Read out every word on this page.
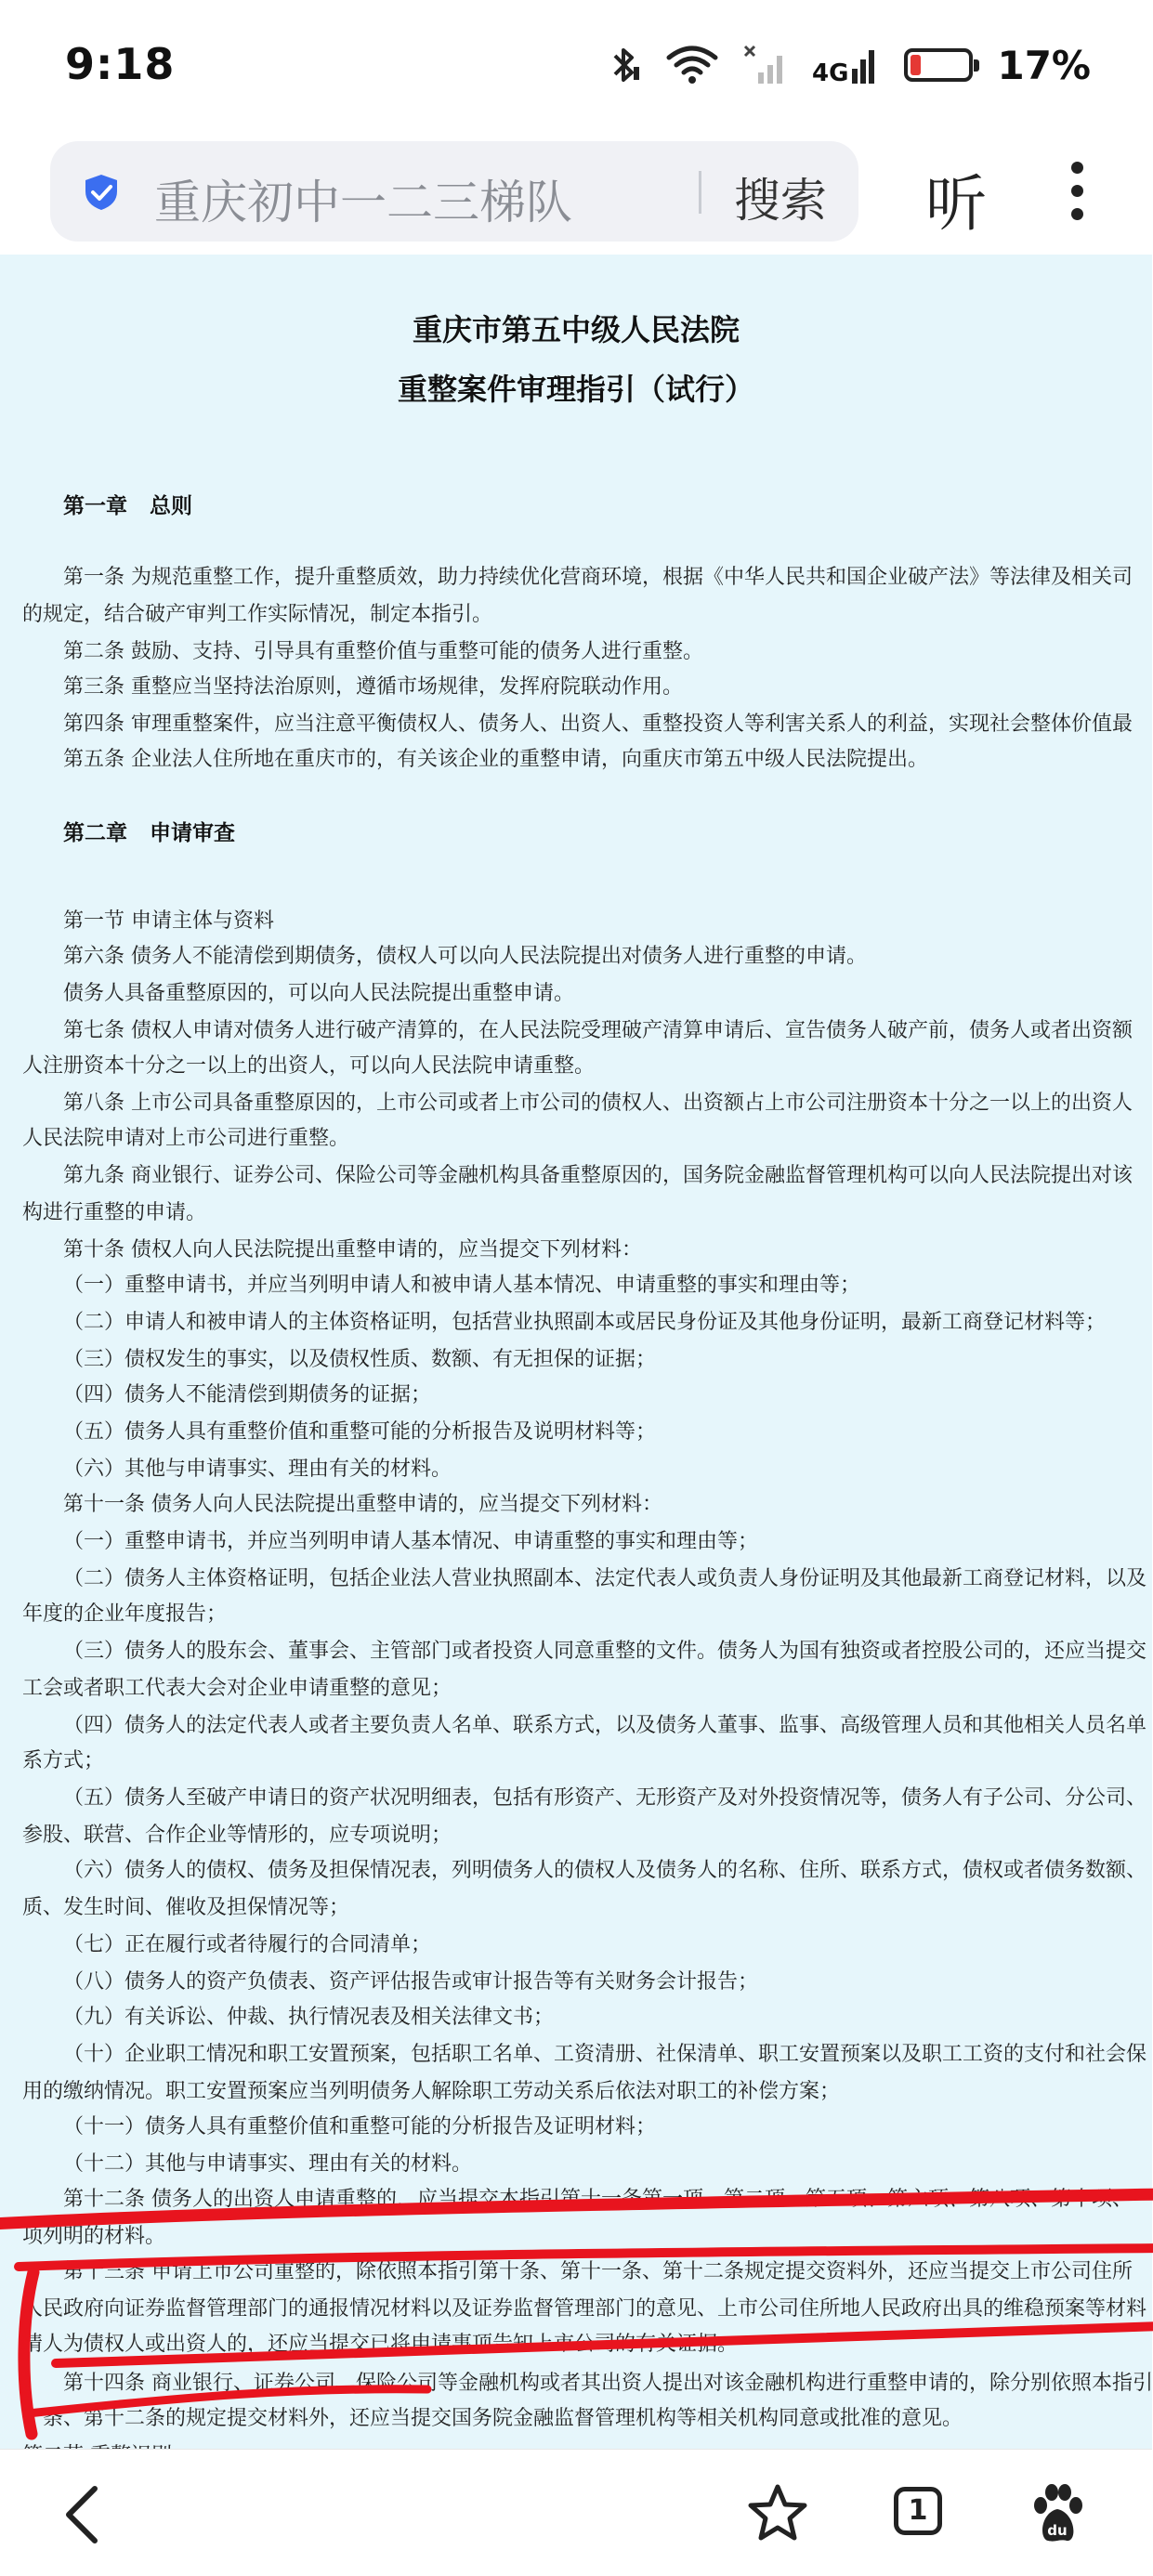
9:18	4G	17%
重庆初中一二三梯队	搜索 听
重庆市第五中级人民法院
重整案件审理指引（试行）
第一章   总则
第二章   申请审查
第一条 为规范重整工作，提升重整质效，助力持续优化营商环境，根据《中华人民共和国企业破产法》等法律及相关司
的规定，结合破产审判工作实际情况，制定本指引。
第二条 鼓励、支持、引导具有重整价值与重整可能的债务人进行重整。
第三条 重整应当坚持法治原则，遵循市场规律，发挥府院联动作用。
第四条 审理重整案件，应当注意平衡债权人、债务人、出资人、重整投资人等利害关系人的利益，实现社会整体价值最
第五条 企业法人住所地在重庆市的，有关该企业的重整申请，向重庆市第五中级人民法院提出。
第一节 申请主体与资料
第六条 债务人不能清偿到期债务，债权人可以向人民法院提出对债务人进行重整的申请。
债务人具备重整原因的，可以向人民法院提出重整申请。
第七条 债权人申请对债务人进行破产清算的，在人民法院受理破产清算申请后、宣告债务人破产前，债务人或者出资额
人注册资本十分之一以上的出资人，可以向人民法院申请重整。
第八条 上市公司具备重整原因的，上市公司或者上市公司的债权人、出资额占上市公司注册资本十分之一以上的出资人
人民法院申请对上市公司进行重整。
第九条 商业银行、证券公司、保险公司等金融机构具备重整原因的，国务院金融监督管理机构可以向人民法院提出对该
构进行重整的申请。
第十条 债权人向人民法院提出重整申请的，应当提交下列材料：
（一）重整申请书，并应当列明申请人和被申请人基本情况、申请重整的事实和理由等；
（二）申请人和被申请人的主体资格证明，包括营业执照副本或居民身份证及其他身份证明，最新工商登记材料等；
（三）债权发生的事实，以及债权性质、数额、有无担保的证据；
（四）债务人不能清偿到期债务的证据；
（五）债务人具有重整价值和重整可能的分析报告及说明材料等；
（六）其他与申请事实、理由有关的材料。
第十一条 债务人向人民法院提出重整申请的，应当提交下列材料：
（一）重整申请书，并应当列明申请人基本情况、申请重整的事实和理由等；
（二）债务人主体资格证明，包括企业法人营业执照副本、法定代表人或负责人身份证明及其他最新工商登记材料，以及
年度的企业年度报告；
（三）债务人的股东会、董事会、主管部门或者投资人同意重整的文件。债务人为国有独资或者控股公司的，还应当提交
工会或者职工代表大会对企业申请重整的意见；
（四）债务人的法定代表人或者主要负责人名单、联系方式，以及债务人董事、监事、高级管理人员和其他相关人员名单
系方式；
（五）债务人至破产申请日的资产状况明细表，包括有形资产、无形资产及对外投资情况等，债务人有子公司、分公司、
参股、联营、合作企业等情形的，应专项说明；
（六）债务人的债权、债务及担保情况表，列明债务人的债权人及债务人的名称、住所、联系方式，债权或者债务数额、
质、发生时间、催收及担保情况等；
（七）正在履行或者待履行的合同清单；
（八）债务人的资产负债表、资产评估报告或审计报告等有关财务会计报告；
（九）有关诉讼、仲裁、执行情况表及相关法律文书；
（十）企业职工情况和职工安置预案，包括职工名单、工资清册、社保清单、职工安置预案以及职工工资的支付和社会保
用的缴纳情况。职工安置预案应当列明债务人解除职工劳动关系后依法对职工的补偿方案；
（十一）债务人具有重整价值和重整可能的分析报告及证明材料；
（十二）其他与申请事实、理由有关的材料。
第十二条 债务人的出资人申请重整的，应当提交本指引第十一条第一项、第二项、第五项、第六项、第八项、第十项、
项列明的材料。
第十三条 申请上市公司重整的，除依照本指引第十条、第十一条、第十二条规定提交资料外，还应当提交上市公司住所
人民政府向证券监督管理部门的通报情况材料以及证券监督管理部门的意见、上市公司住所地人民政府出具的维稳预案等材料
请人为债权人或出资人的，还应当提交已将申请事项告知上市公司的有关证据。
第十四条 商业银行、证券公司、保险公司等金融机构或者其出资人提出对该金融机构进行重整申请的，除分别依照本指引
一条、第十二条的规定提交材料外，还应当提交国务院金融监督管理机构等相关机构同意或批准的意见。
1
du
